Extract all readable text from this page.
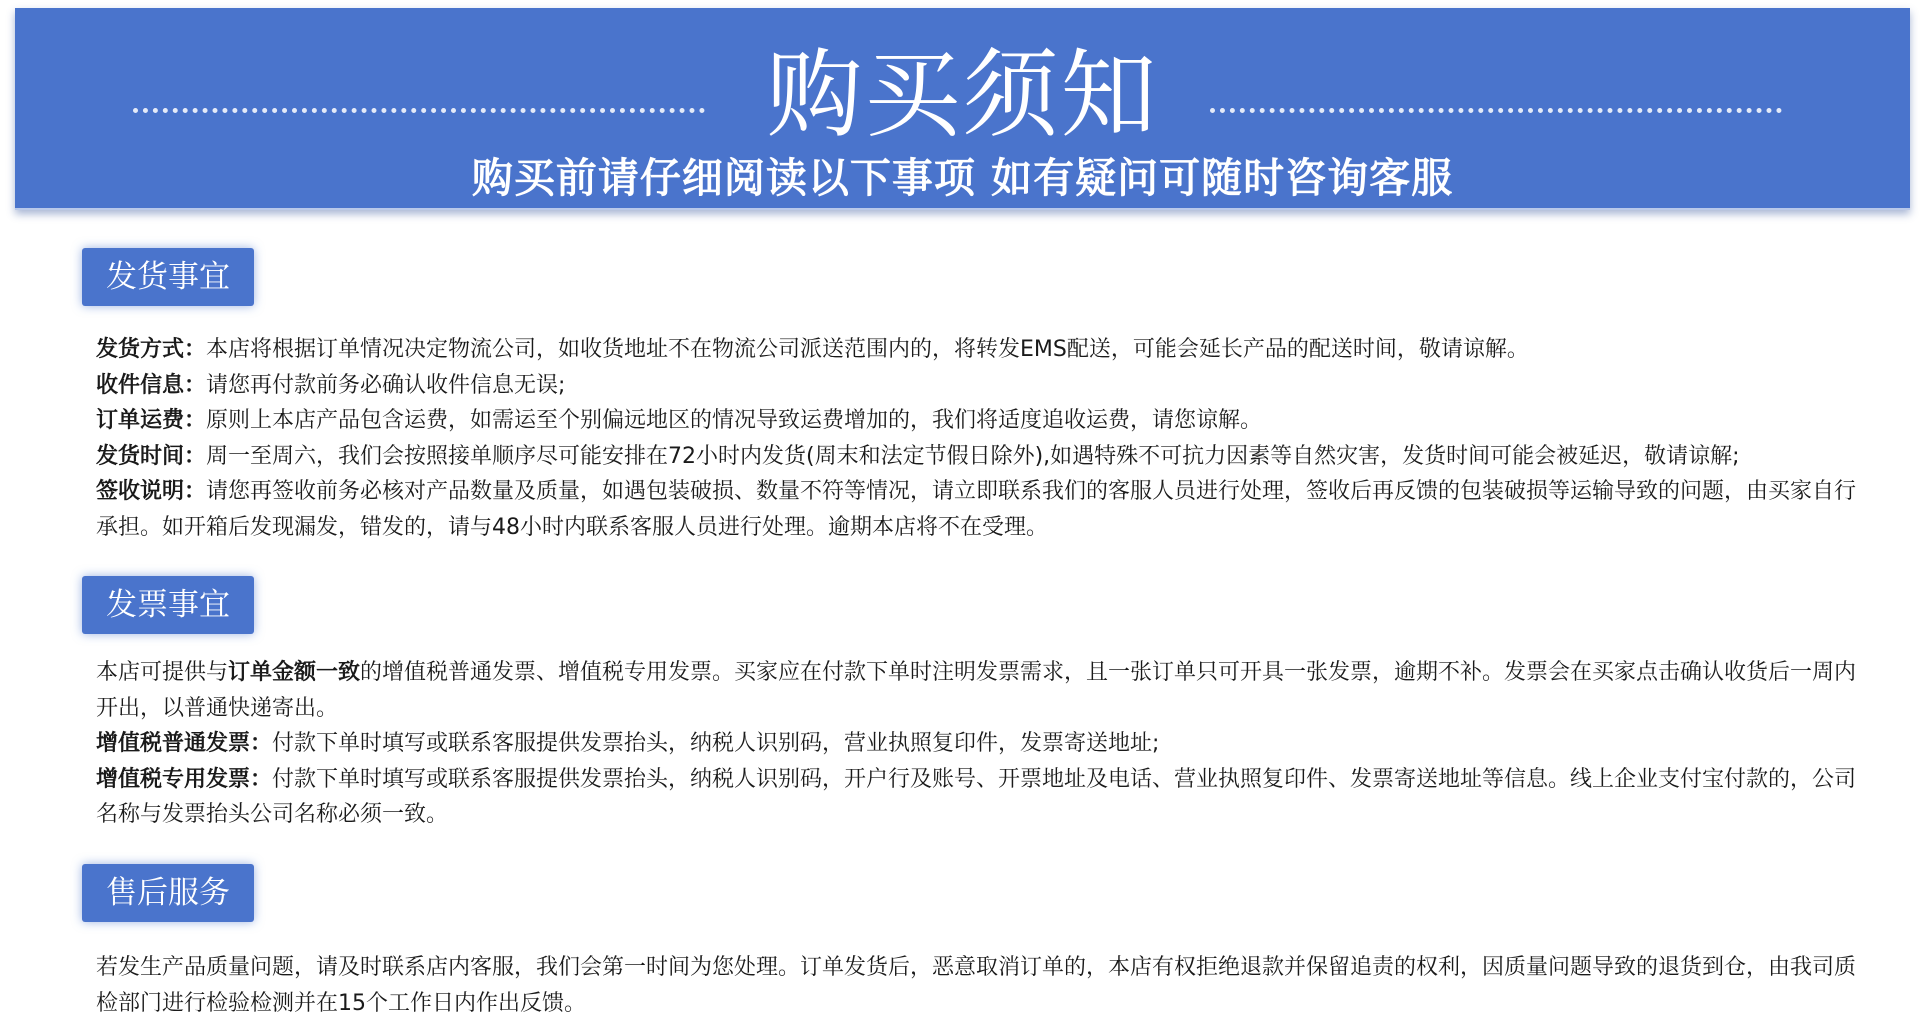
购买须知
购买前请仔细阅读以下事项 如有疑问可随时咨询客服
发货事宜

发货方式：本店将根据订单情况决定物流公司，如收货地址不在物流公司派送范围内的，将转发EMS配送，可能会延长产品的配送时间，敬请谅解。

收件信息：请您再付款前务必确认收件信息无误;

订单运费：原则上本店产品包含运费，如需运至个别偏远地区的情况导致运费增加的，我们将适度追收运费，请您谅解。

发货时间：周一至周六，我们会按照接单顺序尽可能安排在72小时内发货(周末和法定节假日除外),如遇特殊不可抗力因素等自然灾害，发货时间可能会被延迟，敬请谅解;

签收说明：请您再签收前务必核对产品数量及质量，如遇包装破损、数量不符等情况，请立即联系我们的客服人员进行处理，签收后再反馈的包装破损等运输导致的问题，由买家自行承担。如开箱后发现漏发，错发的，请与48小时内联系客服人员进行处理。逾期本店将不在受理。

发票事宜

本店可提供与订单金额一致的增值税普通发票、增值税专用发票。买家应在付款下单时注明发票需求，且一张订单只可开具一张发票，逾期不补。发票会在买家点击确认收货后一周内开出，以普通快递寄出。

增值税普通发票：付款下单时填写或联系客服提供发票抬头，纳税人识别码，营业执照复印件，发票寄送地址;

增值税专用发票：付款下单时填写或联系客服提供发票抬头，纳税人识别码，开户行及账号、开票地址及电话、营业执照复印件、发票寄送地址等信息。线上企业支付宝付款的，公司名称与发票抬头公司名称必须一致。

售后服务

若发生产品质量问题，请及时联系店内客服，我们会第一时间为您处理。订单发货后，恶意取消订单的，本店有权拒绝退款并保留追责的权利，因质量问题导致的退货到仓，由我司质检部门进行检验检测并在15个工作日内作出反馈。
